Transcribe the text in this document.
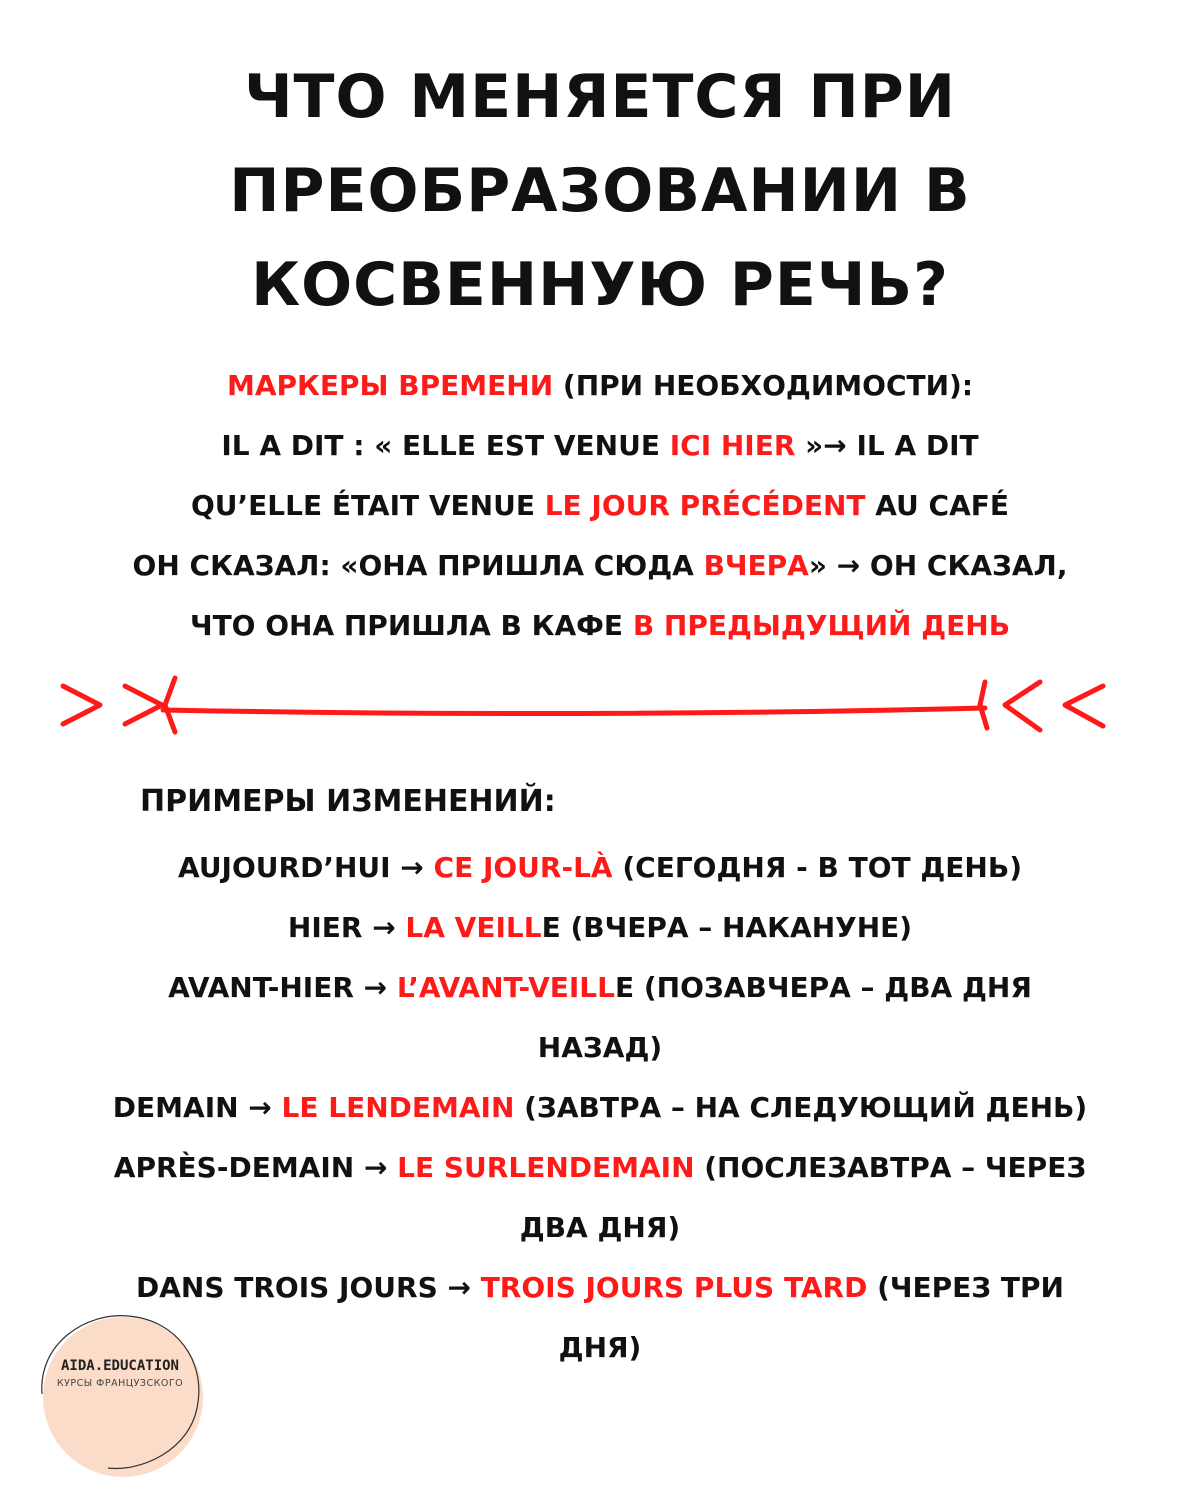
ЧТО МЕНЯЕТСЯ ПРИ
ПРЕОБРАЗОВАНИИ В
КОСВЕННУЮ РЕЧЬ?
МАРКЕРЫ ВРЕМЕНИ (ПРИ НЕОБХОДИМОСТИ):
IL A DIT : « ELLE EST VENUE ICI HIER »→ IL A DIT
QU’ELLE ÉTAIT VENUE LE JOUR PRÉCÉDENT AU CAFÉ
ОН СКАЗАЛ: «ОНА ПРИШЛА СЮДА ВЧЕРА» → ОН СКАЗАЛ,
ЧТО ОНА ПРИШЛА В КАФЕ В ПРЕДЫДУЩИЙ ДЕНЬ
ПРИМЕРЫ ИЗМЕНЕНИЙ:
AUJOURD’HUI → CE JOUR-LÀ (СЕГОДНЯ - В ТОТ ДЕНЬ)
HIER → LA VEILLE (ВЧЕРА – НАКАНУНЕ)
AVANT-HIER → L’AVANT-VEILLE (ПОЗАВЧЕРА – ДВА ДНЯ
НАЗАД)
DEMAIN → LE LENDEMAIN (ЗАВТРА – НА СЛЕДУЮЩИЙ ДЕНЬ)
APRÈS-DEMAIN → LE SURLENDEMAIN (ПОСЛЕЗАВТРА – ЧЕРЕЗ
ДВА ДНЯ)
DANS TROIS JOURS → TROIS JOURS PLUS TARD (ЧЕРЕЗ ТРИ
ДНЯ)
AIDA.EDUCATION
КУРСЫ ФРАНЦУЗСКОГО
